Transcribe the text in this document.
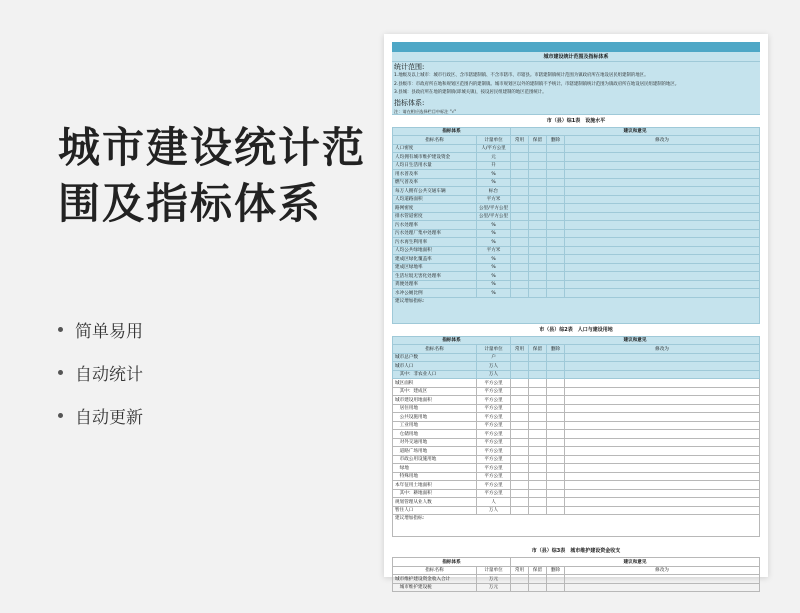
城市建设统计范
围及指标体系
简单易用
自动统计
自动更新
城市建设统计范围及指标体系
统计范围:
1.地级及以上城市：城市行政区、含市辖建制镇、不含市辖市、市辖县。市辖建制镇统计范围为镇政府所在地设居民组建制的地区。
2.县级市：市政府所在地和规划区范围内的建制镇。城市规划区以外的建制镇不予统计。市辖建制镇统计范围为镇政府所在地设居民组建制的地区。
3.县城：县政府所在地的建制镇(即城关镇)，按设居民组建制的地区范围统计。
指标体系:
注：请在相应选择栏目中标注 "√"
市（县）综1表　设施水平
指标体系		建议和意见			
指标名称	计量单位	常用	保留	删除	修改为
人口密度	人/平方公里				
人均拥有城市维护建设资金	元				
人均日生活用水量	升				
用水普及率	%				
燃气普及率	%				
每万人拥有公共交通车辆	标台				
人均道路面积	平方米				
路网密度	公里/平方公里				
排水管道密度	公里/平方公里				
污水处理率	%				
污水处理厂集中处理率	%				
污水再生利用率	%				
人均公共绿地面积	平方米				
建成区绿化覆盖率	%				
建成区绿地率	%				
生活垃圾无害化处理率	%				
粪便处理率	%				
水冲公厕比例	%				
建议增加指标:					
市（县）综2表　人口与建设用地
指标体系		建议和意见			
指标名称	计量单位	常用	保留	删除	修改为
城市总户数	户				
城市人口	万人				
　其中：非农业人口	万人				
城区面积	平方公里				
　其中：建成区	平方公里				
城市建设用地面积	平方公里				
　居住用地	平方公里				
　公共设施用地	平方公里				
　工业用地	平方公里				
　仓储用地	平方公里				
　对外交通用地	平方公里				
　道路广场用地	平方公里				
　市政公用设施用地	平方公里				
　绿地	平方公里				
　特殊用地	平方公里				
本年征用土地面积	平方公里				
　其中：耕地面积	平方公里				
规划管理从业人数	人				
暂住人口	万人				
建议增加指标:					
市（县）综3表　城市维护建设资金收支
指标体系		建议和意见			
指标名称	计量单位	常用	保留	删除	修改为
城市维护建设资金收入合计	万元				
　城市维护建设税	万元				
